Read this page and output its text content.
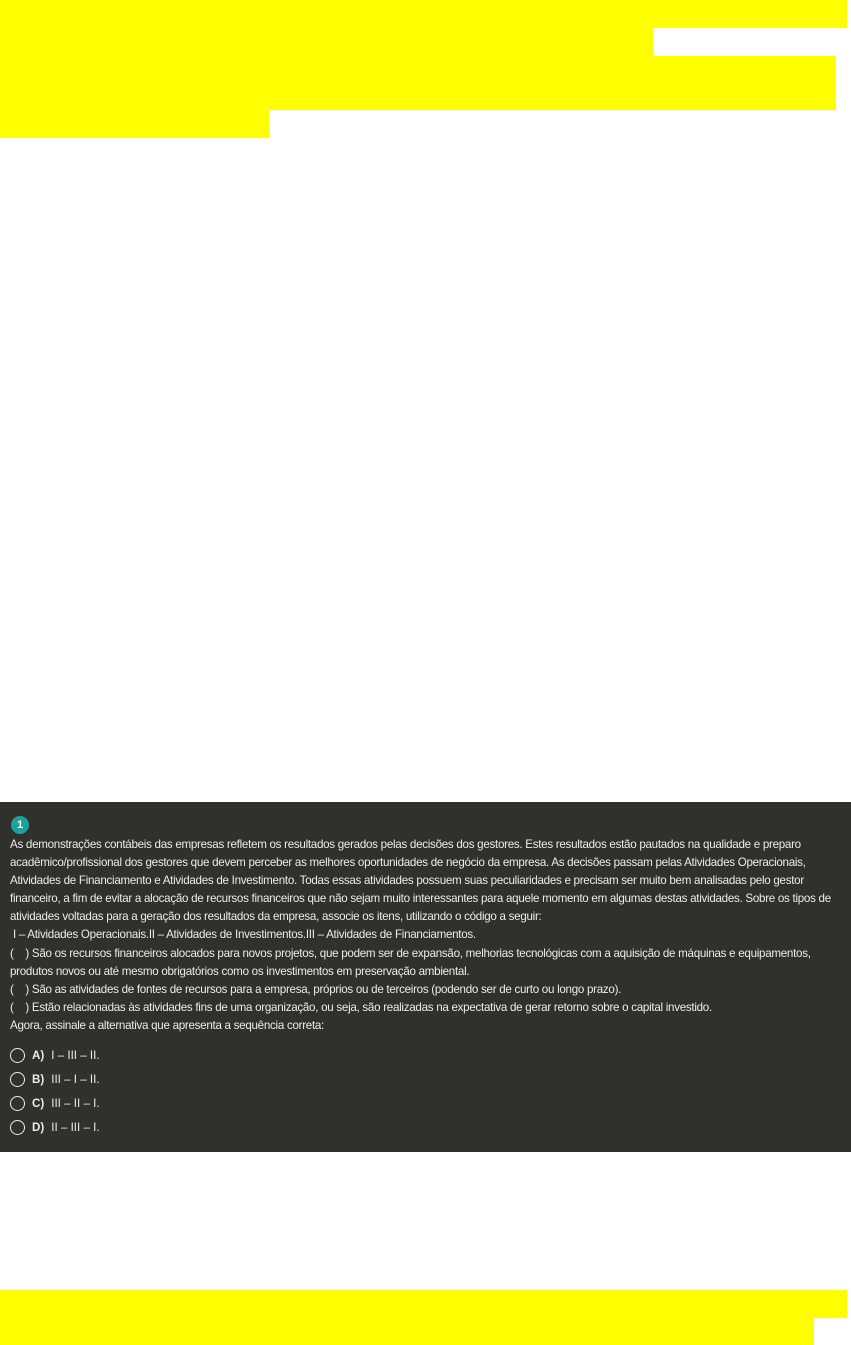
1

As demonstrações contábeis das empresas refletem os resultados gerados pelas decisões dos gestores. Estes resultados estão pautados na qualidade e preparo

acadêmico/profissional dos gestores que devem perceber as melhores oportunidades de negócio da empresa. As decisões passam pelas Atividades Operacionais,

Atividades de Financiamento e Atividades de Investimento. Todas essas atividades possuem suas peculiaridades e precisam ser muito bem analisadas pelo gestor

financeiro, a fim de evitar a alocação de recursos financeiros que não sejam muito interessantes para aquele momento em algumas destas atividades. Sobre os tipos de

atividades voltadas para a geração dos resultados da empresa, associe os itens, utilizando o código a seguir:

I – Atividades Operacionais.II – Atividades de Investimentos.III – Atividades de Financiamentos.

(    ) São os recursos financeiros alocados para novos projetos, que podem ser de expansão, melhorias tecnológicas com a aquisição de máquinas e equipamentos,

produtos novos ou até mesmo obrigatórios como os investimentos em preservação ambiental.

(    ) São as atividades de fontes de recursos para a empresa, próprios ou de terceiros (podendo ser de curto ou longo prazo).

(    ) Estão relacionadas às atividades fins de uma organização, ou seja, são realizadas na expectativa de gerar retorno sobre o capital investido.

Agora, assinale a alternativa que apresenta a sequência correta:

A) I – III – II.
B) III – I – II.
C) III – II – I.
D) II – III – I.
